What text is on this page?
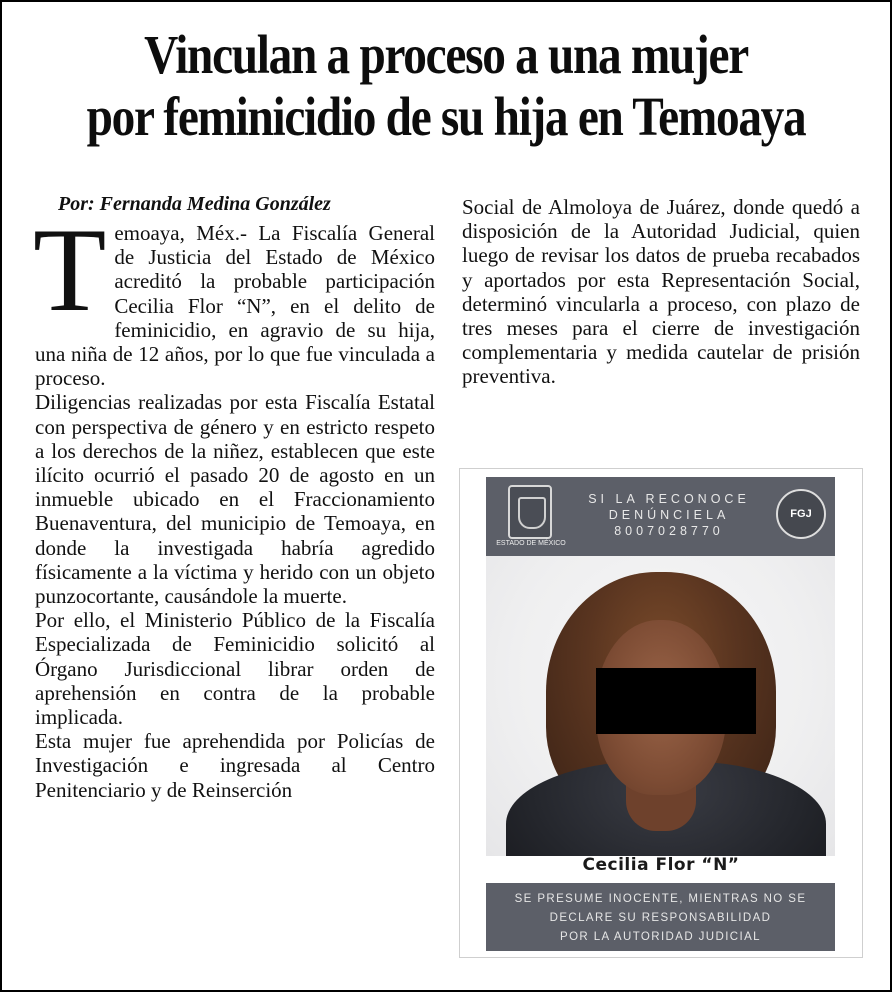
Vinculan a proceso a una mujer
por feminicidio de su hija en Temoaya
Por: Fernanda Medina González

Temoaya, Méx.- La Fiscalía General de Justicia del Estado de México acreditó la probable participación Cecilia Flor “N”, en el delito de feminicidio, en agravio de su hija, una niña de 12 años, por lo que fue vinculada a proceso.

Diligencias realizadas por esta Fiscalía Estatal con perspectiva de género y en estricto respeto a los derechos de la niñez, establecen que este ilícito ocurrió el pasado 20 de agosto en un inmueble ubicado en el Fraccionamiento Buenaventura, del municipio de Temoaya, en donde la investigada habría agredido físicamente a la víctima y herido con un objeto punzocortante, causándole la muerte.

Por ello, el Ministerio Público de la Fiscalía Especializada de Feminicidio solicitó al Órgano Jurisdiccional librar orden de aprehensión en contra de la probable implicada.

Esta mujer fue aprehendida por Policías de Investigación e ingresada al Centro Penitenciario y de Reinserción

Social de Almoloya de Juárez, donde quedó a disposición de la Autoridad Judicial, quien luego de revisar los datos de prueba recabados y aportados por esta Representación Social, determinó vincularla a proceso, con plazo de tres meses para el cierre de investigación complementaria y medida cautelar de prisión preventiva.

ESTADO DE MÉXICO
SI LA RECONOCE
DENÚNCIELA
8007028770
FGJ
Cecilia Flor “N”
SE PRESUME INOCENTE, MIENTRAS NO SE
DECLARE SU RESPONSABILIDAD
POR LA AUTORIDAD JUDICIAL
